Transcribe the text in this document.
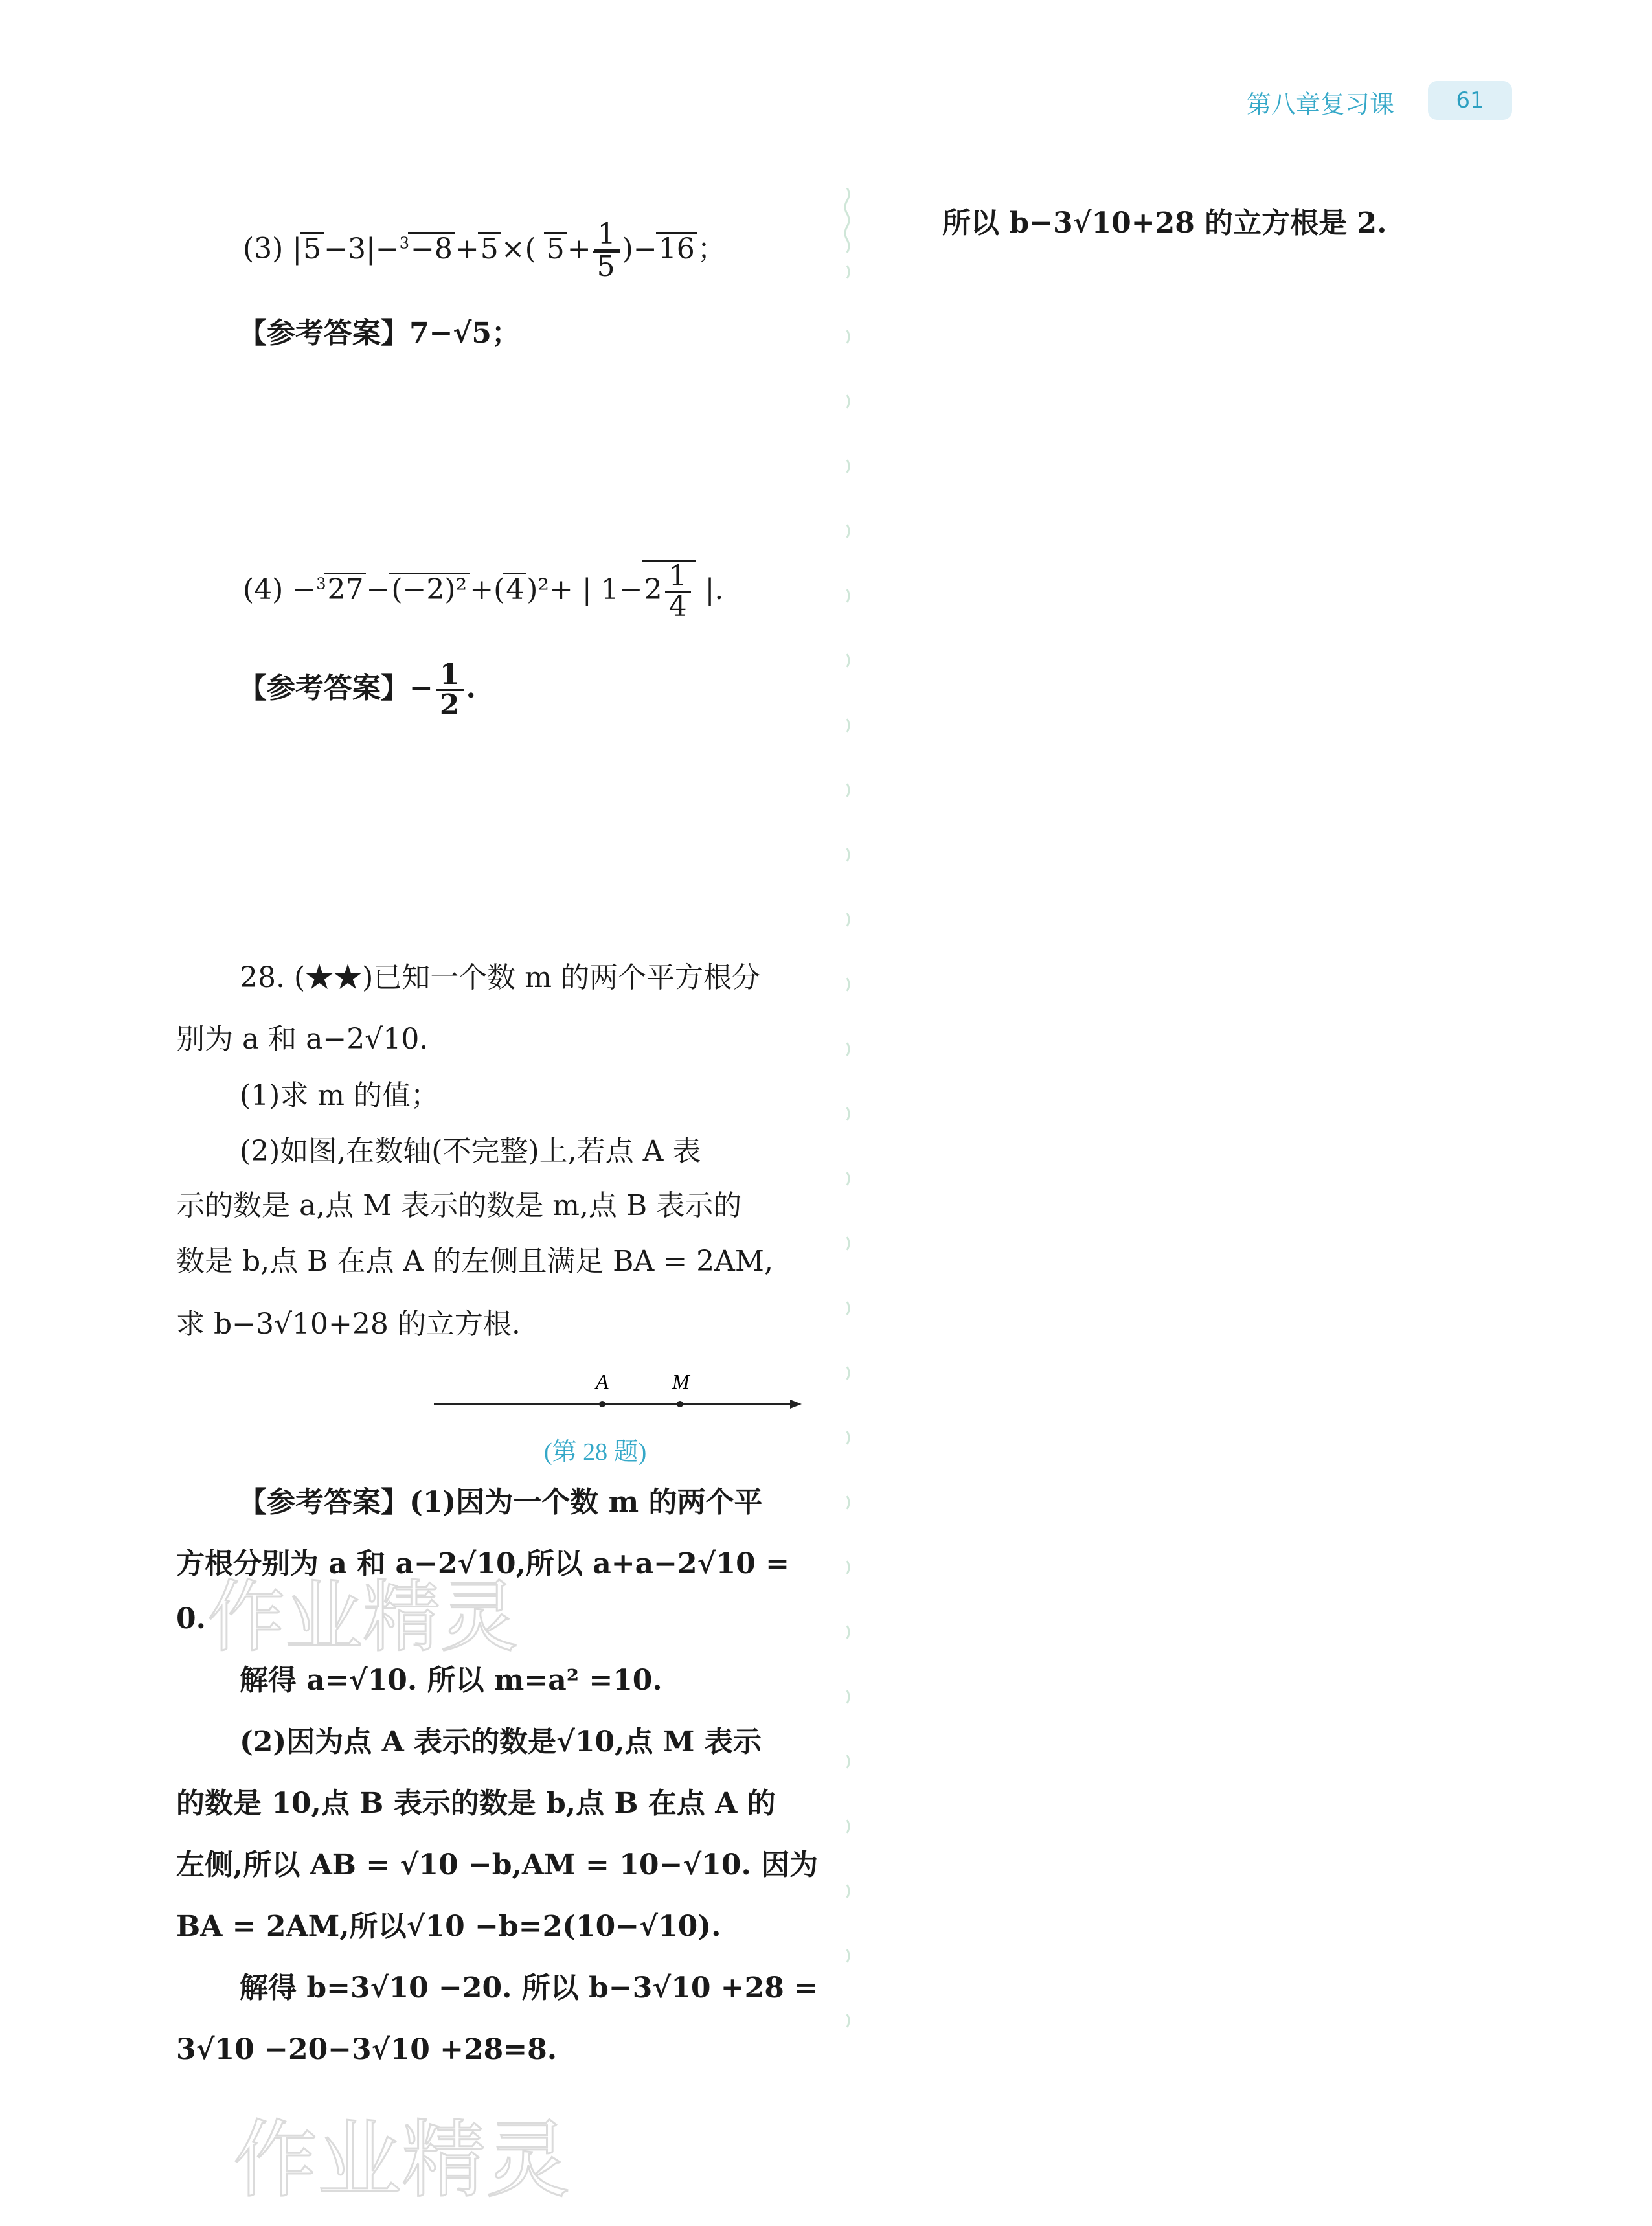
第八章复习课	61
(3) |5−3|−$^3$−8+5×( $5+ \frac{1}{5} )-16$；
【参考答案】7−√5；
(4) −$^3$27−(−2)²+(4)²+ | $1-2 \frac{1}{4}$ |.
【参考答案】− $\frac{1}{2}$ .
28. (★★)已知一个数 m 的两个平方根分
别为 a 和 a−2√10.
(1)求 m 的值；
(2)如图,在数轴(不完整)上,若点 A 表
示的数是 a,点 M 表示的数是 m,点 B 表示的
数是 b,点 B 在点 A 的左侧且满足 BA = 2AM,
求 b−3√10+28 的立方根.
A	M
(第 28 题)
【参考答案】(1)因为一个数 m 的两个平
方根分别为 a 和 a−2√10,所以 a+a−2√10 =
0.
解得 a=√10. 所以 m=a² =10.
(2)因为点 A 表示的数是√10,点 M 表示
的数是 10,点 B 表示的数是 b,点 B 在点 A 的
左侧,所以 AB = √10 −b,AM = 10−√10. 因为
BA = 2AM,所以√10 −b=2(10−√10).
解得 b=3√10 −20. 所以 b−3√10 +28 =
3√10 −20−3√10 +28=8.
所以 b−3√10+28 的立方根是 2.
作业精灵
作业精灵
